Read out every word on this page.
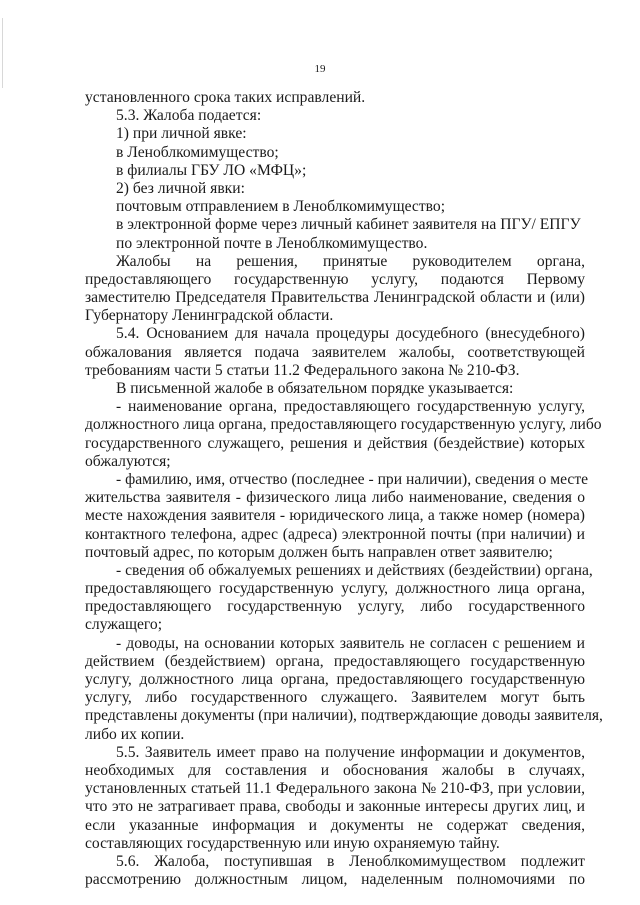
19
установленного срока таких исправлений.
5.3. Жалоба подается:
1) при личной явке:
в Леноблкомимущество;
в филиалы ГБУ ЛО «МФЦ»;
2) без личной явки:
почтовым отправлением в Леноблкомимущество;
в электронной форме через личный кабинет заявителя на ПГУ/ ЕПГУ
по электронной почте в Леноблкомимущество.
Жалобы на решения, принятые руководителем органа,
предоставляющего государственную услугу, подаются Первому
заместителю Председателя Правительства Ленинградской области и (или)
Губернатору Ленинградской области.
5.4. Основанием для начала процедуры досудебного (внесудебного)
обжалования является подача заявителем жалобы, соответствующей
требованиям части 5 статьи 11.2 Федерального закона № 210-ФЗ.
В письменной жалобе в обязательном порядке указывается:
- наименование органа, предоставляющего государственную услугу,
должностного лица органа, предоставляющего государственную услугу, либо
государственного служащего, решения и действия (бездействие) которых
обжалуются;
- фамилию, имя, отчество (последнее - при наличии), сведения о месте
жительства заявителя - физического лица либо наименование, сведения о
месте нахождения заявителя - юридического лица, а также номер (номера)
контактного телефона, адрес (адреса) электронной почты (при наличии) и
почтовый адрес, по которым должен быть направлен ответ заявителю;
- сведения об обжалуемых решениях и действиях (бездействии) органа,
предоставляющего государственную услугу, должностного лица органа,
предоставляющего государственную услугу, либо государственного
служащего;
- доводы, на основании которых заявитель не согласен с решением и
действием (бездействием) органа, предоставляющего государственную
услугу, должностного лица органа, предоставляющего государственную
услугу, либо государственного служащего. Заявителем могут быть
представлены документы (при наличии), подтверждающие доводы заявителя,
либо их копии.
5.5. Заявитель имеет право на получение информации и документов,
необходимых для составления и обоснования жалобы в случаях,
установленных статьей 11.1 Федерального закона № 210-ФЗ, при условии,
что это не затрагивает права, свободы и законные интересы других лиц, и
если указанные информация и документы не содержат сведения,
составляющих государственную или иную охраняемую тайну.
5.6. Жалоба, поступившая в Леноблкомимуществом подлежит
рассмотрению должностным лицом, наделенным полномочиями по
